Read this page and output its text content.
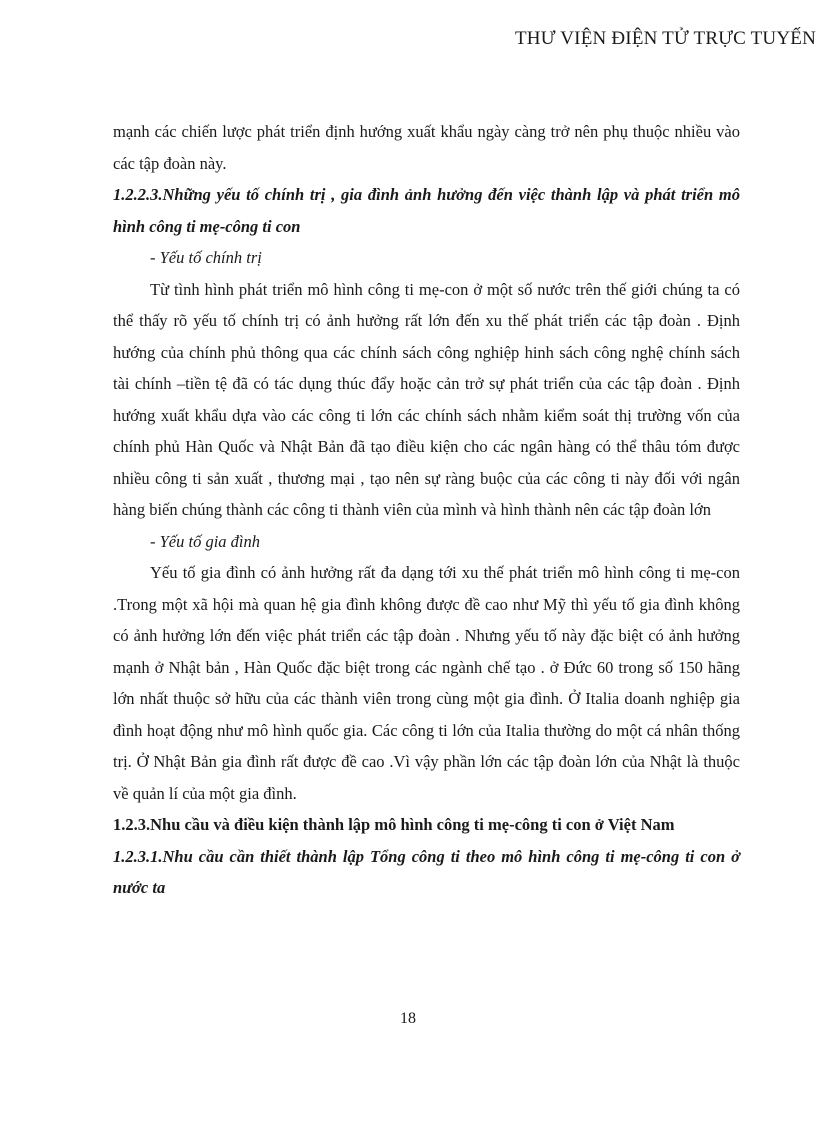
THƯ VIỆN ĐIỆN TỬ TRỰC TUYẾN

mạnh các chiến lược phát triển định hướng xuất khẩu ngày càng trở nên phụ thuộc nhiều vào các tập đoàn này.

1.2.2.3.Những yếu tố chính trị , gia đình ảnh hưởng đến việc thành lập và phát triển mô hình công ti mẹ-công ti con

- Yếu tố chính trị

Từ tình hình phát triển mô hình công ti mẹ-con ở một số nước trên thế giới chúng ta có thể thấy rõ yếu tố chính trị có ảnh hưởng rất lớn đến xu thế phát triển các tập đoàn . Định hướng của chính phủ thông qua các chính sách công nghiệp hinh sách công nghệ chính sách tài chính –tiền tệ đã có tác dụng thúc đẩy hoặc cản trở sự phát triển của các tập đoàn . Định hướng xuất khẩu dựa vào các công ti lớn các chính sách nhằm kiểm soát thị trường vốn của chính phủ Hàn Quốc và Nhật Bản đã tạo điều kiện cho các ngân hàng có thể thâu tóm được nhiều công ti sản xuất , thương mại , tạo nên sự ràng buộc của các công ti này đối với ngân hàng biến chúng thành các công ti thành viên của mình và hình thành nên các tập đoàn lớn

- Yếu tố gia đình

Yếu tố gia đình có ảnh hưởng rất đa dạng tới xu thế phát triển mô hình công ti mẹ-con .Trong một xã hội mà quan hệ gia đình không được đề cao như Mỹ thì yếu tố gia đình không có ảnh hưởng lớn đến việc phát triển các tập đoàn . Nhưng yếu tố này đặc biệt có ảnh hưởng mạnh ở Nhật bản , Hàn Quốc đặc biệt trong các ngành chế tạo . ở Đức 60 trong số 150 hãng lớn nhất thuộc sở hữu của các thành viên trong cùng một gia đình. Ở Italia doanh nghiệp gia đình hoạt động như mô hình quốc gia. Các công ti lớn của Italia thường do một cá nhân thống trị. Ở Nhật Bản gia đình rất được đề cao .Vì vậy phần lớn các tập đoàn lớn của Nhật là thuộc về quản lí của một gia đình.

1.2.3.Nhu cầu và điều kiện thành lập mô hình công ti mẹ-công ti con ở Việt Nam

1.2.3.1.Nhu cầu cần thiết thành lập Tổng công ti theo mô hình công ti mẹ-công ti con ở nước ta

18
